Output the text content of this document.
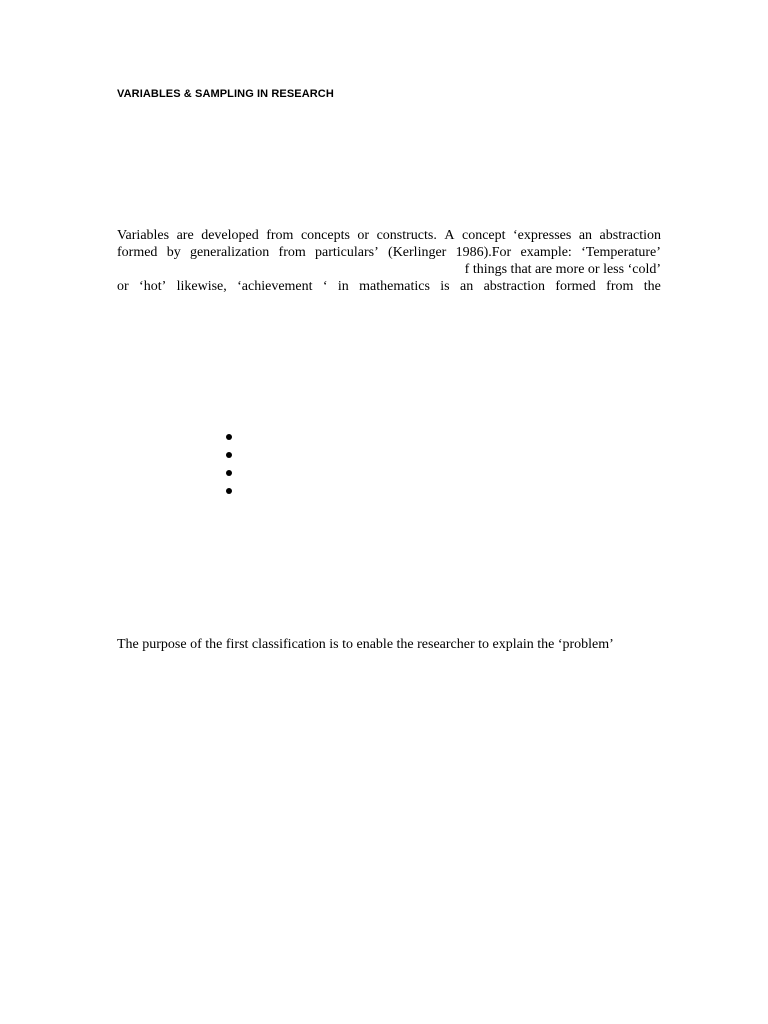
VARIABLES & SAMPLING IN RESEARCH
Variables are developed from concepts or constructs. A concept ‘expresses an abstraction
formed by generalization from particulars’ (Kerlinger 1986).For example: ‘Temperature’
f things that are more or less ‘cold’
or ‘hot’ likewise, ‘achievement ‘ in mathematics is an abstraction formed from the
The purpose of the first classification is to enable the researcher to explain the ‘problem’
